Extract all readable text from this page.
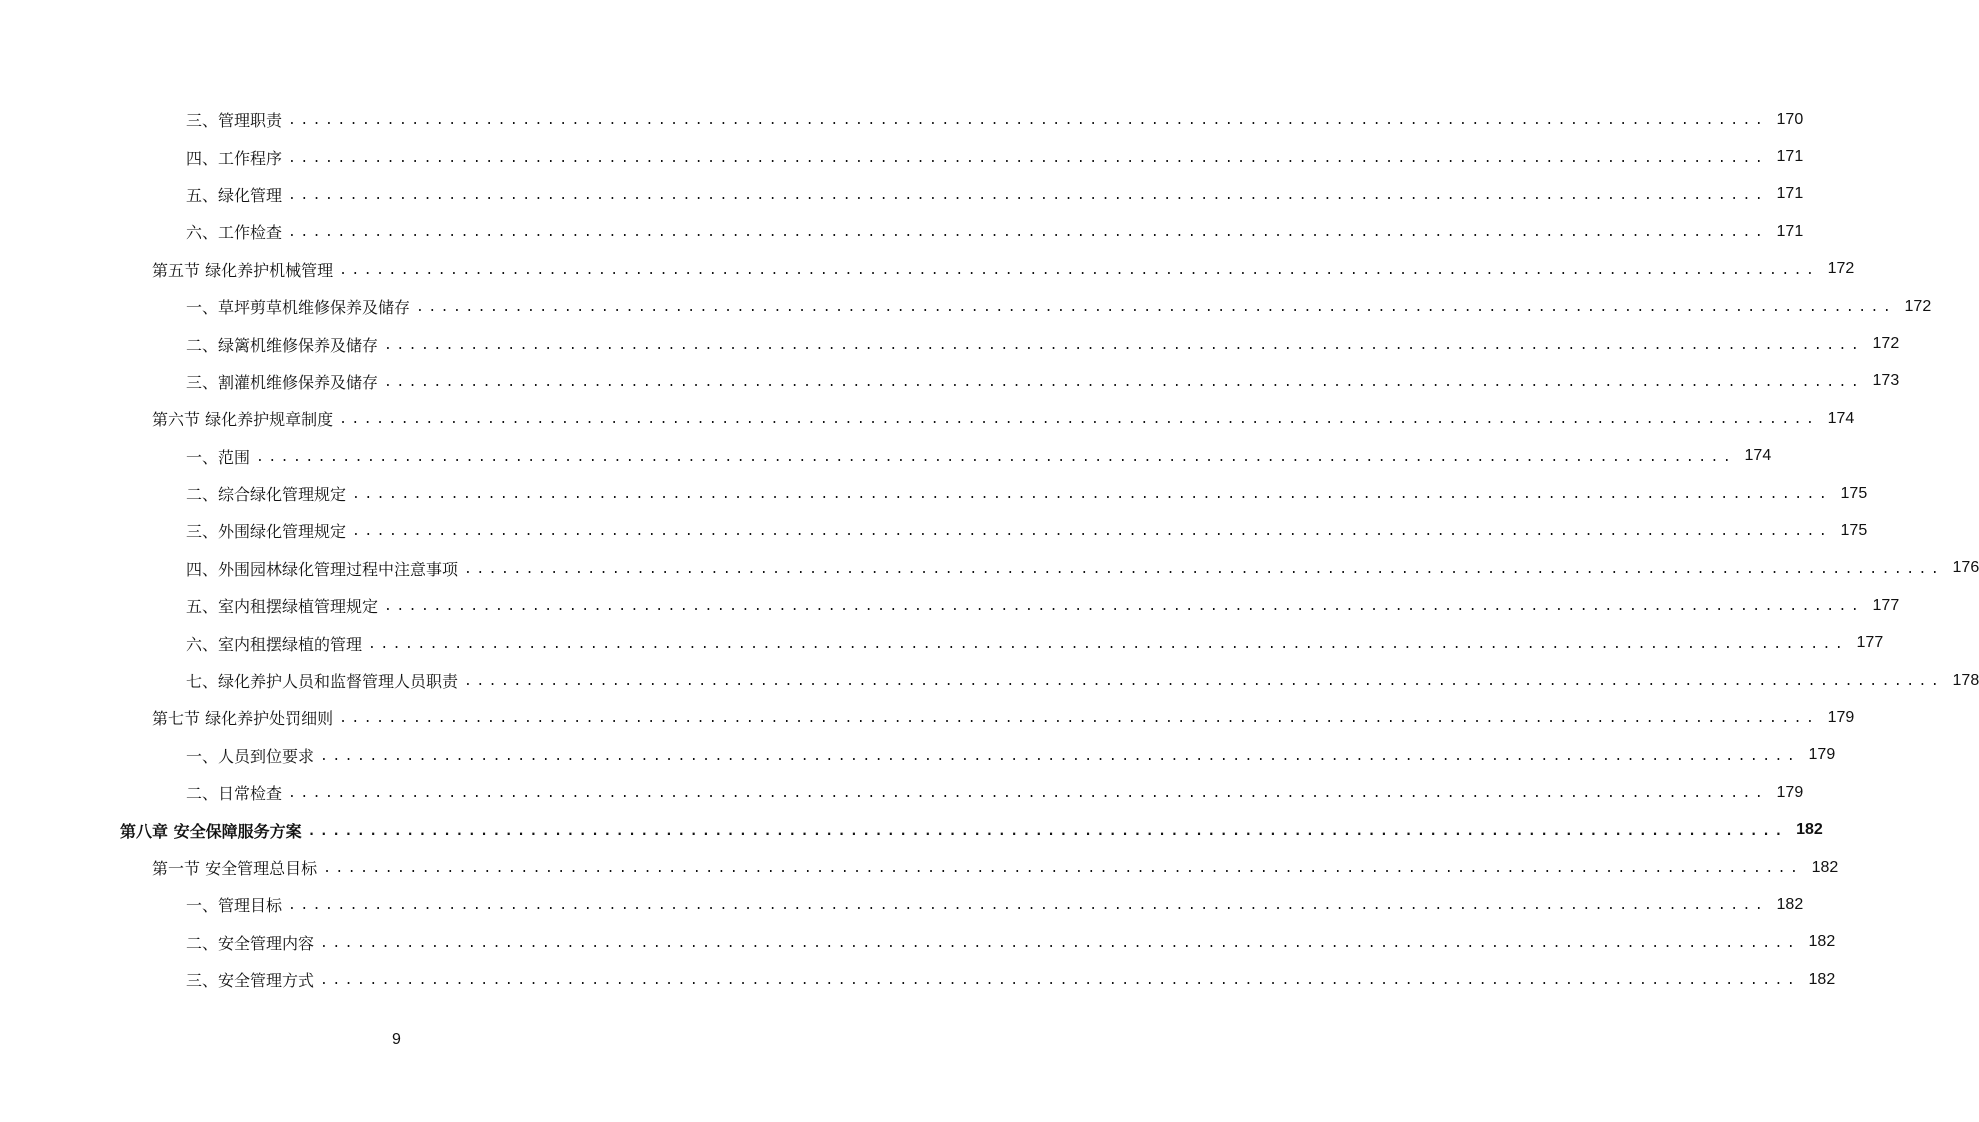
三、管理职责 ........................................................................................................................ 170
四、工作程序 ........................................................................................................................ 171
五、绿化管理 ........................................................................................................................ 171
六、工作检查 ........................................................................................................................ 171
第五节 绿化养护机械管理 ........................................................................................................................ 172
一、草坪剪草机维修保养及储存 ........................................................................................................................ 172
二、绿篱机维修保养及储存 ........................................................................................................................ 172
三、割灌机维修保养及储存 ........................................................................................................................ 173
第六节 绿化养护规章制度 ........................................................................................................................ 174
一、范围 ........................................................................................................................ 174
二、综合绿化管理规定 ........................................................................................................................ 175
三、外围绿化管理规定 ........................................................................................................................ 175
四、外围园林绿化管理过程中注意事项 ........................................................................................................................ 176
五、室内租摆绿植管理规定 ........................................................................................................................ 177
六、室内租摆绿植的管理 ........................................................................................................................ 177
七、绿化养护人员和监督管理人员职责 ........................................................................................................................ 178
第七节 绿化养护处罚细则 ........................................................................................................................ 179
一、人员到位要求 ........................................................................................................................ 179
二、日常检查 ........................................................................................................................ 179
第八章 安全保障服务方案 ........................................................................................................................ 182
第一节 安全管理总目标 ........................................................................................................................ 182
一、管理目标 ........................................................................................................................ 182
二、安全管理内容 ........................................................................................................................ 182
三、安全管理方式 ........................................................................................................................ 182
9
